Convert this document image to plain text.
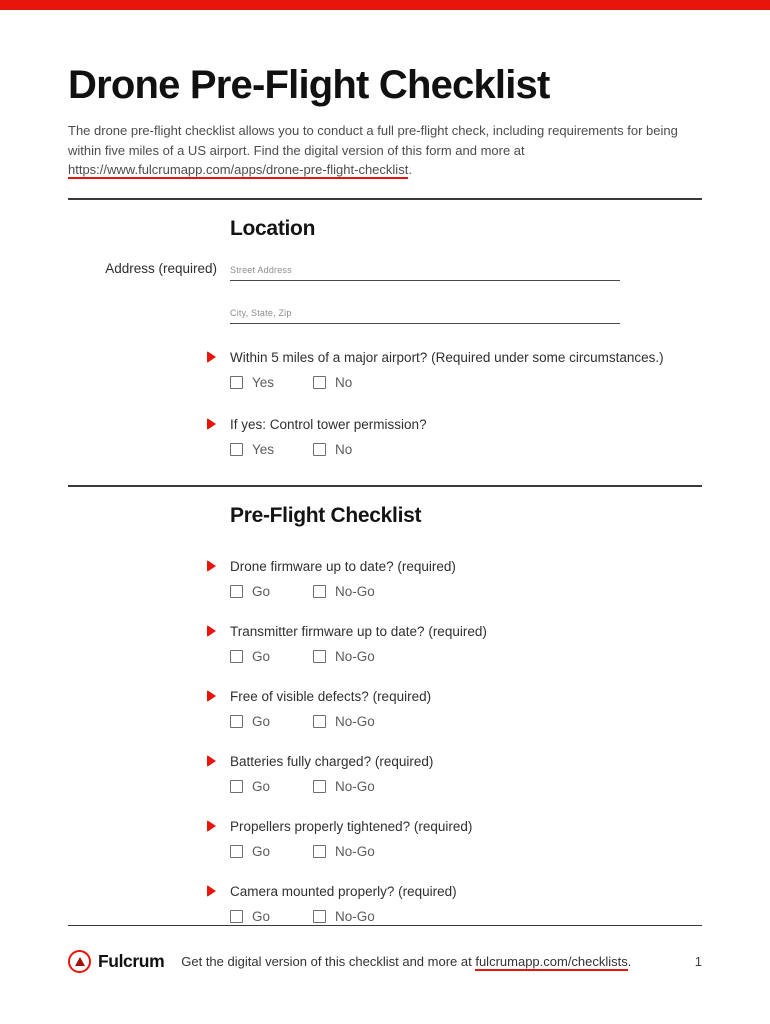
Drone Pre-Flight Checklist

The drone pre-flight checklist allows you to conduct a full pre-flight check, including requirements for being within five miles of a US airport. Find the digital version of this form and more at https://www.fulcrumapp.com/apps/drone-pre-flight-checklist.

Location
Address (required)	Street Address
City, State, Zip
Within 5 miles of a major airport? (Required under some circumstances.)
Yes	No
If yes: Control tower permission?
Yes	No
Pre-Flight Checklist
Drone firmware up to date? (required)
Go	No-Go
Transmitter firmware up to date? (required)
Go	No-Go
Free of visible defects? (required)
Go	No-Go
Batteries fully charged? (required)
Go	No-Go
Propellers properly tightened? (required)
Go	No-Go
Camera mounted properly? (required)
Go	No-Go
Fulcrum Get the digital version of this checklist and more at fulcrumapp.com/checklists.	1
